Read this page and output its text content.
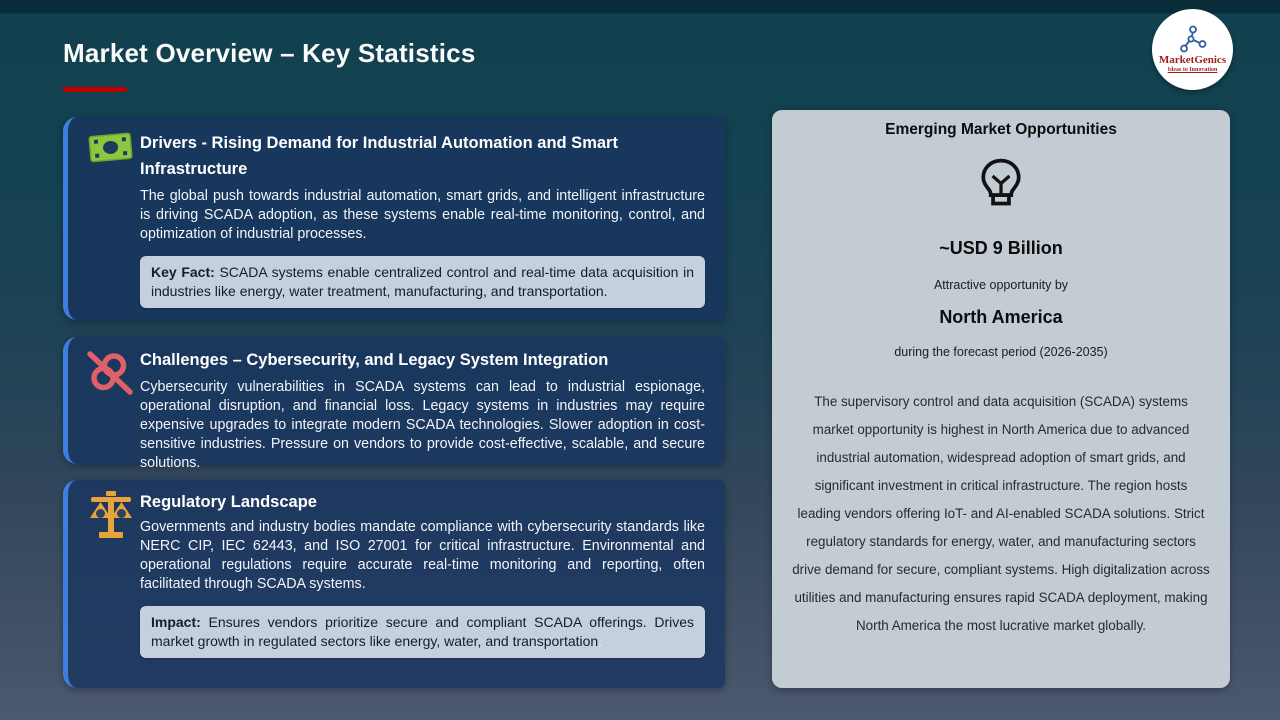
Market Overview – Key Statistics	MarketGenics
Ideas to Innovation
Drivers - Rising Demand for Industrial Automation and Smart Infrastructure

The global push towards industrial automation, smart grids, and intelligent infrastructure is driving SCADA adoption, as these systems enable real-time monitoring, control, and optimization of industrial processes.

Key Fact: SCADA systems enable centralized control and real-time data acquisition in industries like energy, water treatment, manufacturing, and transportation.
Challenges – Cybersecurity, and Legacy System Integration

Cybersecurity vulnerabilities in SCADA systems can lead to industrial espionage, operational disruption, and financial loss. Legacy systems in industries may require expensive upgrades to integrate modern SCADA technologies. Slower adoption in cost-sensitive industries. Pressure on vendors to provide cost-effective, scalable, and secure solutions.

Regulatory Landscape

Governments and industry bodies mandate compliance with cybersecurity standards like NERC CIP, IEC 62443, and ISO 27001 for critical infrastructure. Environmental and operational regulations require accurate real-time monitoring and reporting, often facilitated through SCADA systems.

Impact: Ensures vendors prioritize secure and compliant SCADA offerings. Drives market growth in regulated sectors like energy, water, and transportation.
Emerging Market Opportunities
~USD 9 Billion
Attractive opportunity by
North America
during the forecast period (2026-2035)

The supervisory control and data acquisition (SCADA) systems market opportunity is highest in North America due to advanced industrial automation, widespread adoption of smart grids, and significant investment in critical infrastructure. The region hosts leading vendors offering IoT- and AI-enabled SCADA solutions. Strict regulatory standards for energy, water, and manufacturing sectors drive demand for secure, compliant systems. High digitalization across utilities and manufacturing ensures rapid SCADA deployment, making North America the most lucrative market globally.
